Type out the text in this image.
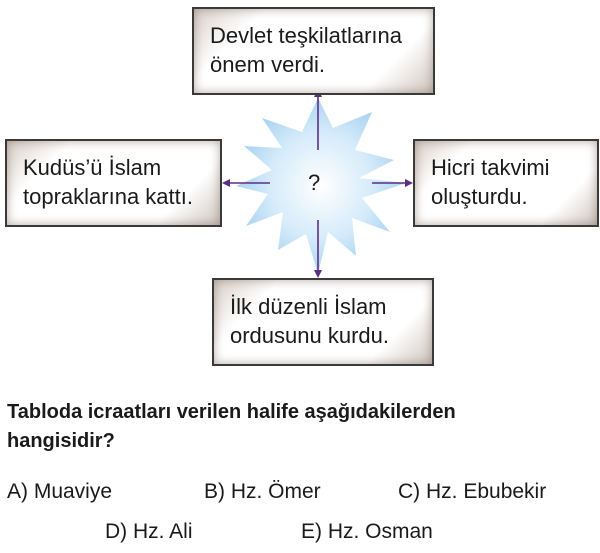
?
Devlet teşkilatlarına
önem verdi.
Kudüs’ü İslam
topraklarına kattı.
Hicri takvimi
oluşturdu.
İlk düzenli İslam
ordusunu kurdu.
Tabloda icraatları verilen halife aşağıdakilerden
hangisidir?
A) Muaviye	B) Hz. Ömer	C) Hz. Ebubekir
D) Hz. Ali	E) Hz. Osman
